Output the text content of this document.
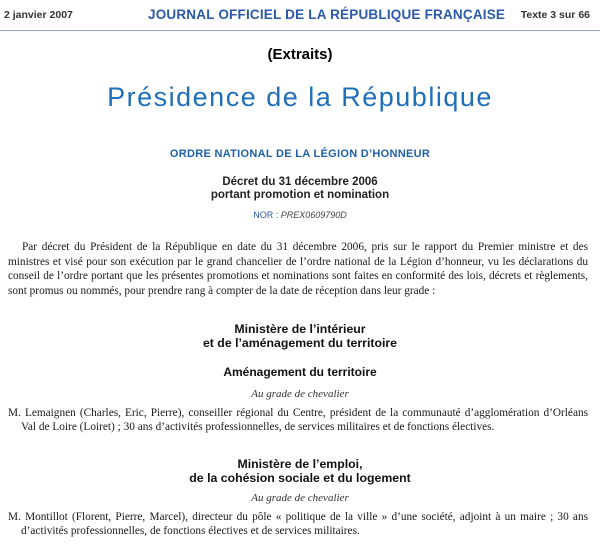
2 janvier 2007	JOURNAL OFFICIEL DE LA RÉPUBLIQUE FRANÇAISE Texte 3 sur 66
(Extraits)
Présidence de la République
ORDRE NATIONAL DE LA LÉGION D’HONNEUR
Décret du 31 décembre 2006
portant promotion et nomination
NOR : PREX0609790D
Par décret du Président de la République en date du 31 décembre 2006, pris sur le rapport du Premier ministre et des ministres et visé pour son exécution par le grand chancelier de l’ordre national de la Légion d’honneur, vu les déclarations du conseil de l’ordre portant que les présentes promotions et nominations sont faites en conformité des lois, décrets et règlements, sont promus ou nommés, pour prendre rang à compter de la date de réception dans leur grade :
Ministère de l’intérieur
et de l’aménagement du territoire
Aménagement du territoire
Au grade de chevalier
M. Lemaignen (Charles, Eric, Pierre), conseiller régional du Centre, président de la communauté d’agglomération d’Orléans Val de Loire (Loiret) ; 30 ans d’activités professionnelles, de services militaires et de fonctions électives.
Ministère de l’emploi,
de la cohésion sociale et du logement
Au grade de chevalier
M. Montillot (Florent, Pierre, Marcel), directeur du pôle « politique de la ville » d’une société, adjoint à un maire ; 30 ans d’activités professionnelles, de fonctions électives et de services militaires.
